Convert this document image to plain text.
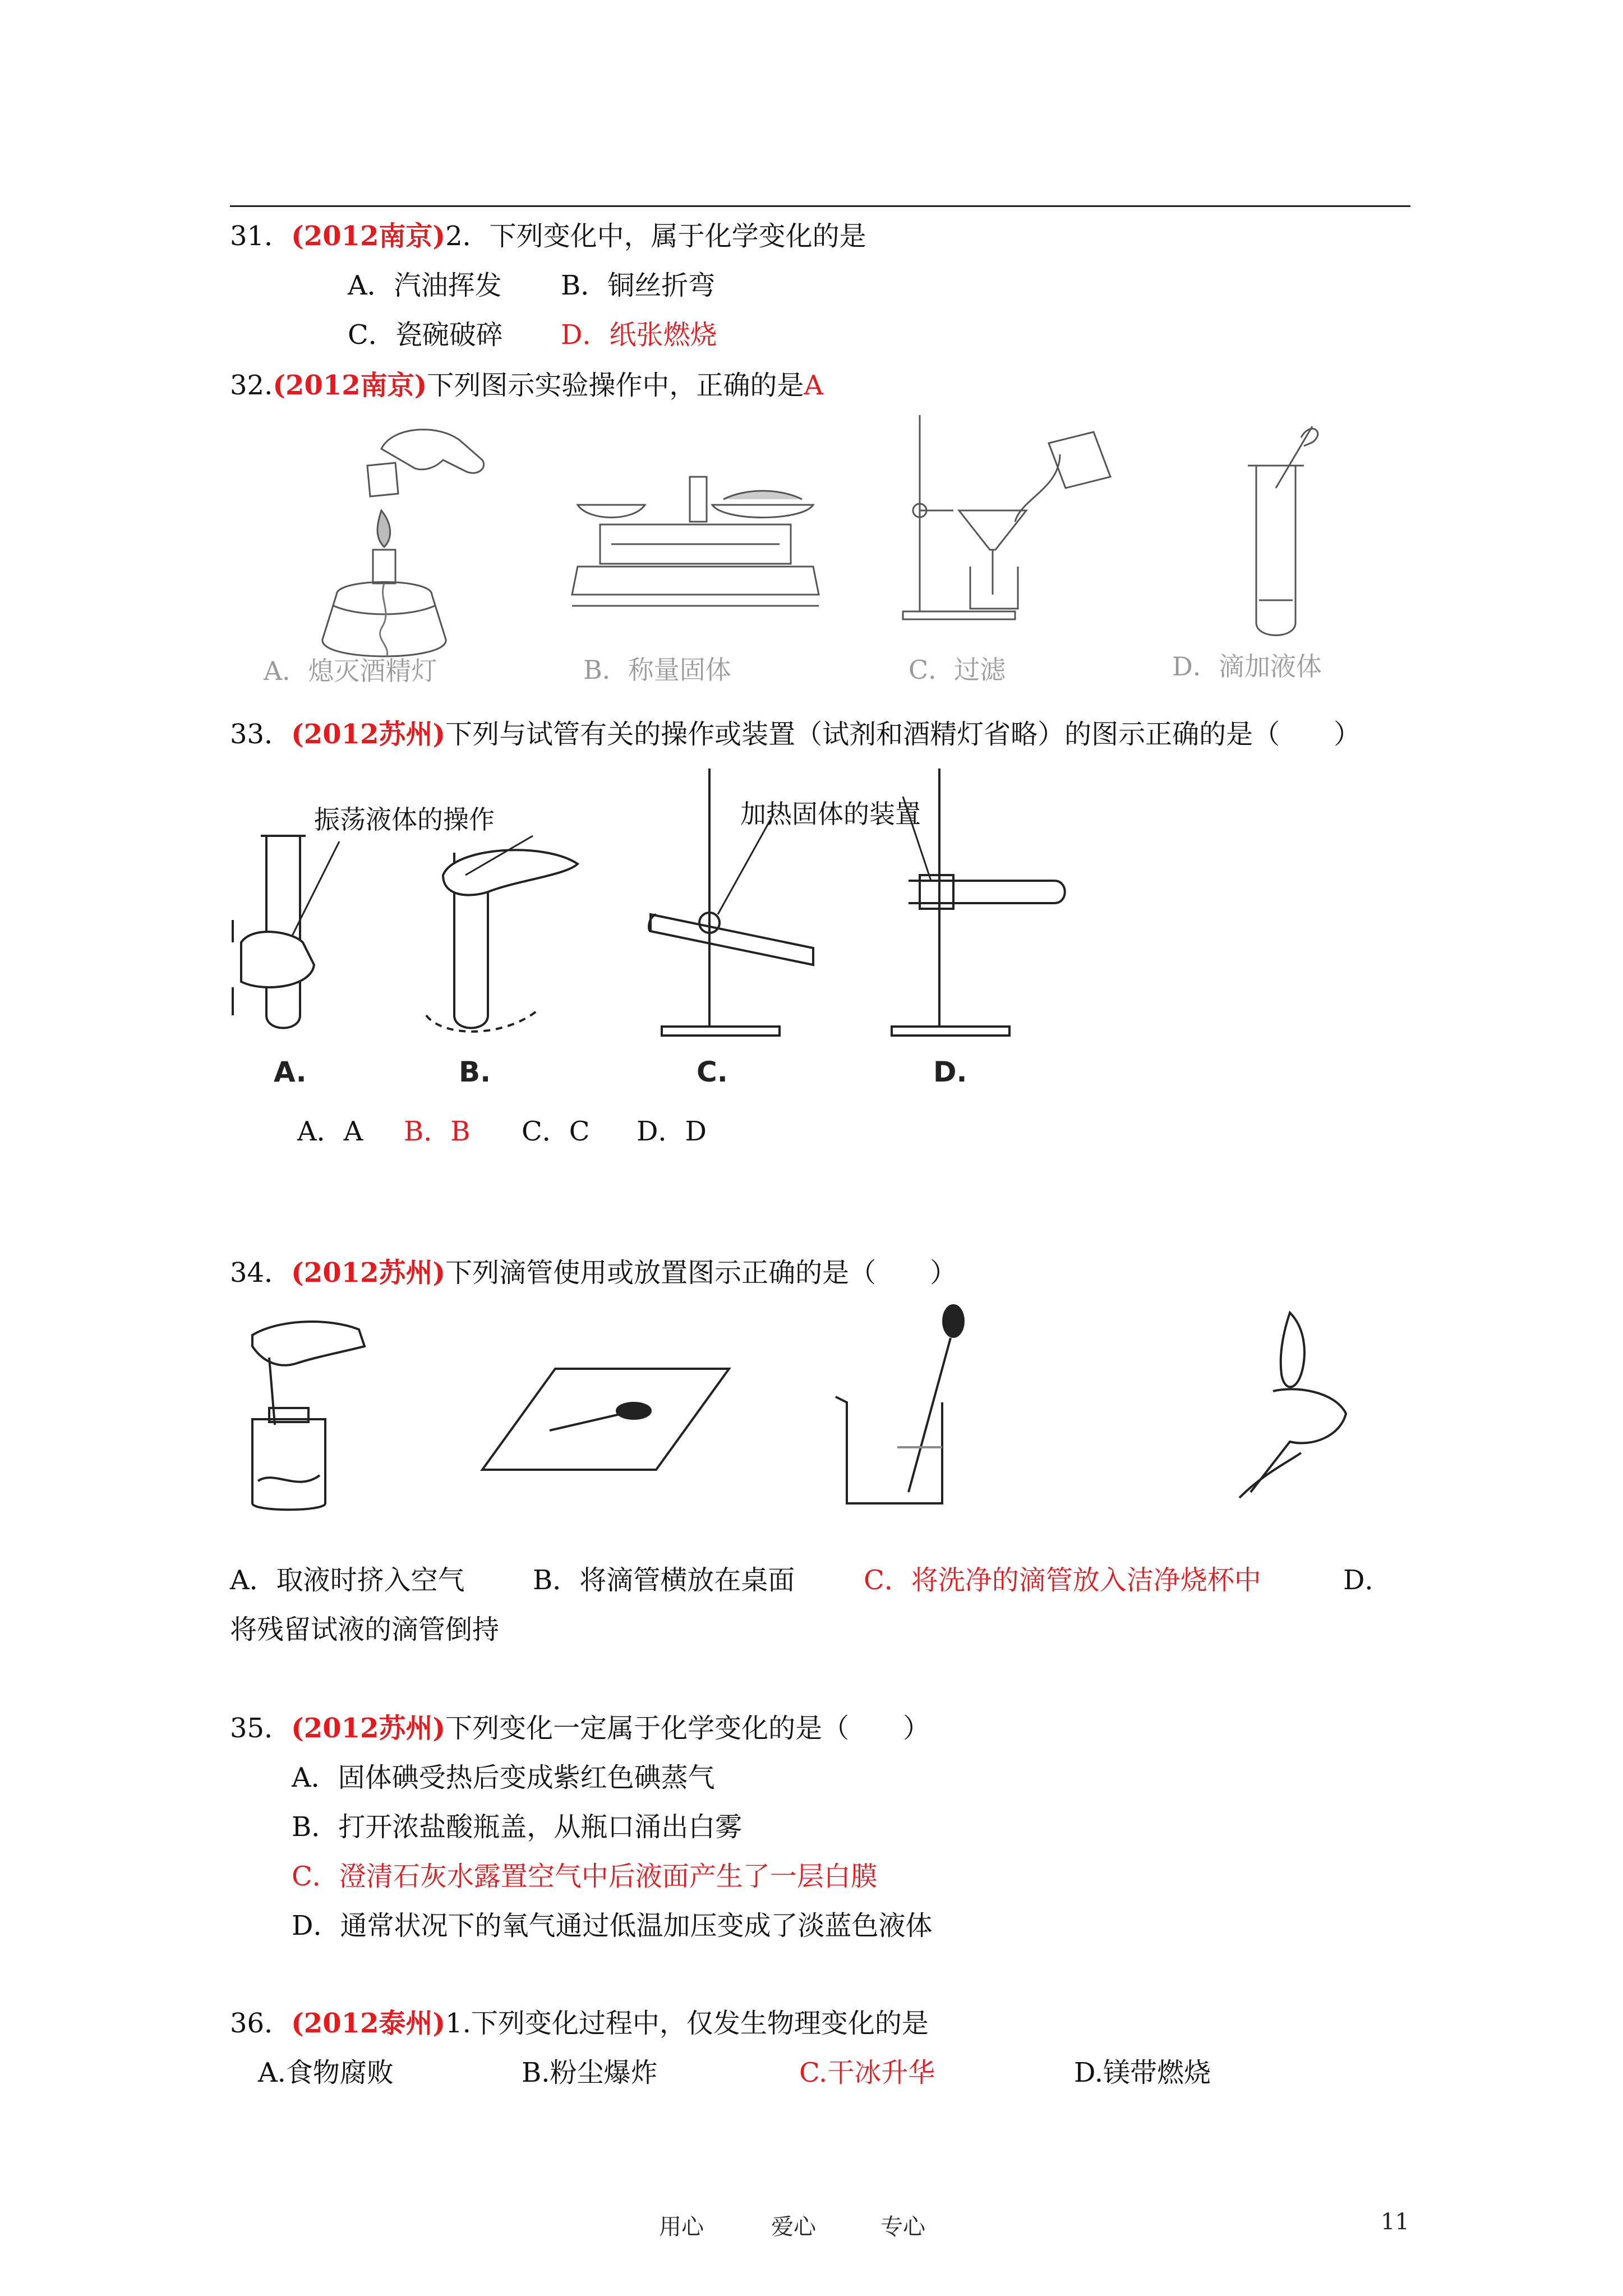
31．(2012南京)2．下列变化中，属于化学变化的是
A．汽油挥发 B．铜丝折弯
C．瓷碗破碎 D．纸张燃烧
32.(2012南京)下列图示实验操作中，正确的是A
A．熄灭酒精灯	B．称量固体	C．过滤	D．滴加液体
33．(2012苏州)下列与试管有关的操作或装置（试剂和酒精灯省略）的图示正确的是（　　）
振荡液体的操作	加热固体的装置
A.	B.	C.	D.
A．A B．B C．C D．D
34．(2012苏州)下列滴管使用或放置图示正确的是（　　）
A．取液时挤入空气	B．将滴管横放在桌面	C．将洗净的滴管放入洁净烧杯中	D．
将残留试液的滴管倒持
35．(2012苏州)下列变化一定属于化学变化的是（　　）
A．固体碘受热后变成紫红色碘蒸气
B．打开浓盐酸瓶盖，从瓶口涌出白雾
C．澄清石灰水露置空气中后液面产生了一层白膜
D．通常状况下的氧气通过低温加压变成了淡蓝色液体
36．(2012泰州)1.下列变化过程中，仅发生物理变化的是
A.食物腐败	B.粉尘爆炸	C.干冰升华	D.镁带燃烧
用心	爱心	专心	11
